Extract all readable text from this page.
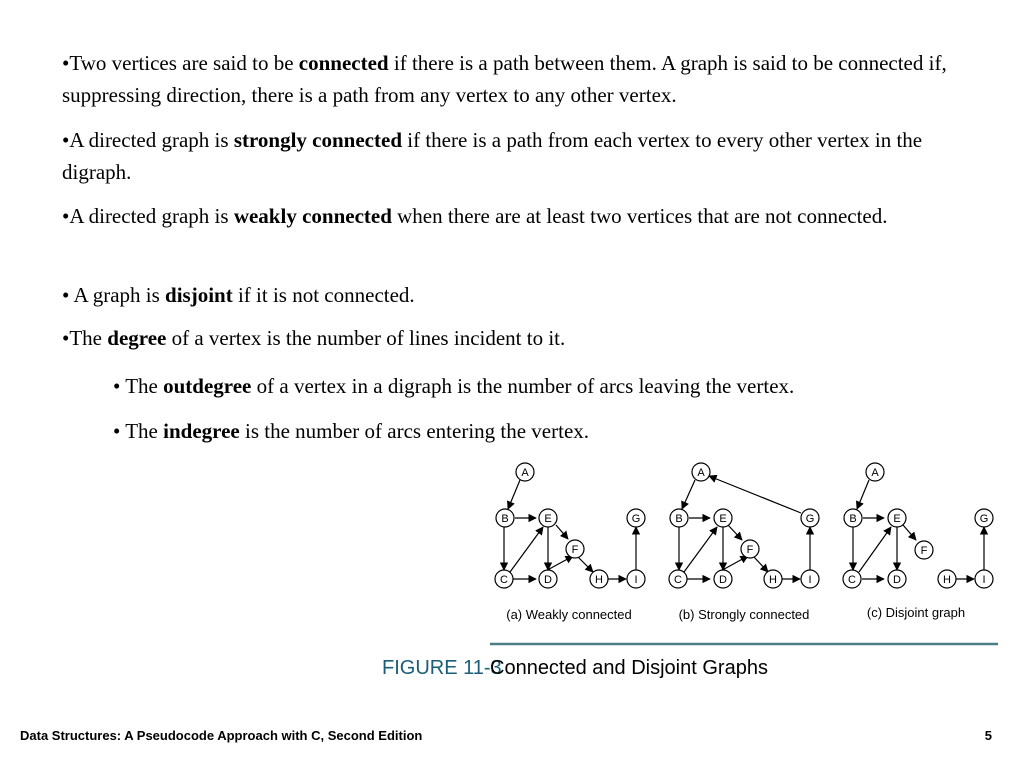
•Two vertices are said to be connected if there is a path between them. A graph is said to be connected if, suppressing direction, there is a path from any vertex to any other vertex.

•A directed graph is strongly connected if there is a path from each vertex to every other vertex in the digraph.

•A directed graph is weakly connected when there are at least two vertices that are not connected.

• A graph is disjoint if it is not connected.

•The degree of a vertex is the number of lines incident to it.

• The outdegree of a vertex in a digraph is the number of arcs leaving the vertex.

• The indegree is the number of arcs entering the vertex.

A
B	E	G
F
C	D	H	I
(a) Weakly connected
A
B	E	G
F
C	D	H	I
(b) Strongly connected
A
B	E	G
F
C	D	H	I
(c) Disjoint graph
FIGURE 11-3
Connected and Disjoint Graphs
Data Structures: A Pseudocode Approach with C, Second Edition	5
